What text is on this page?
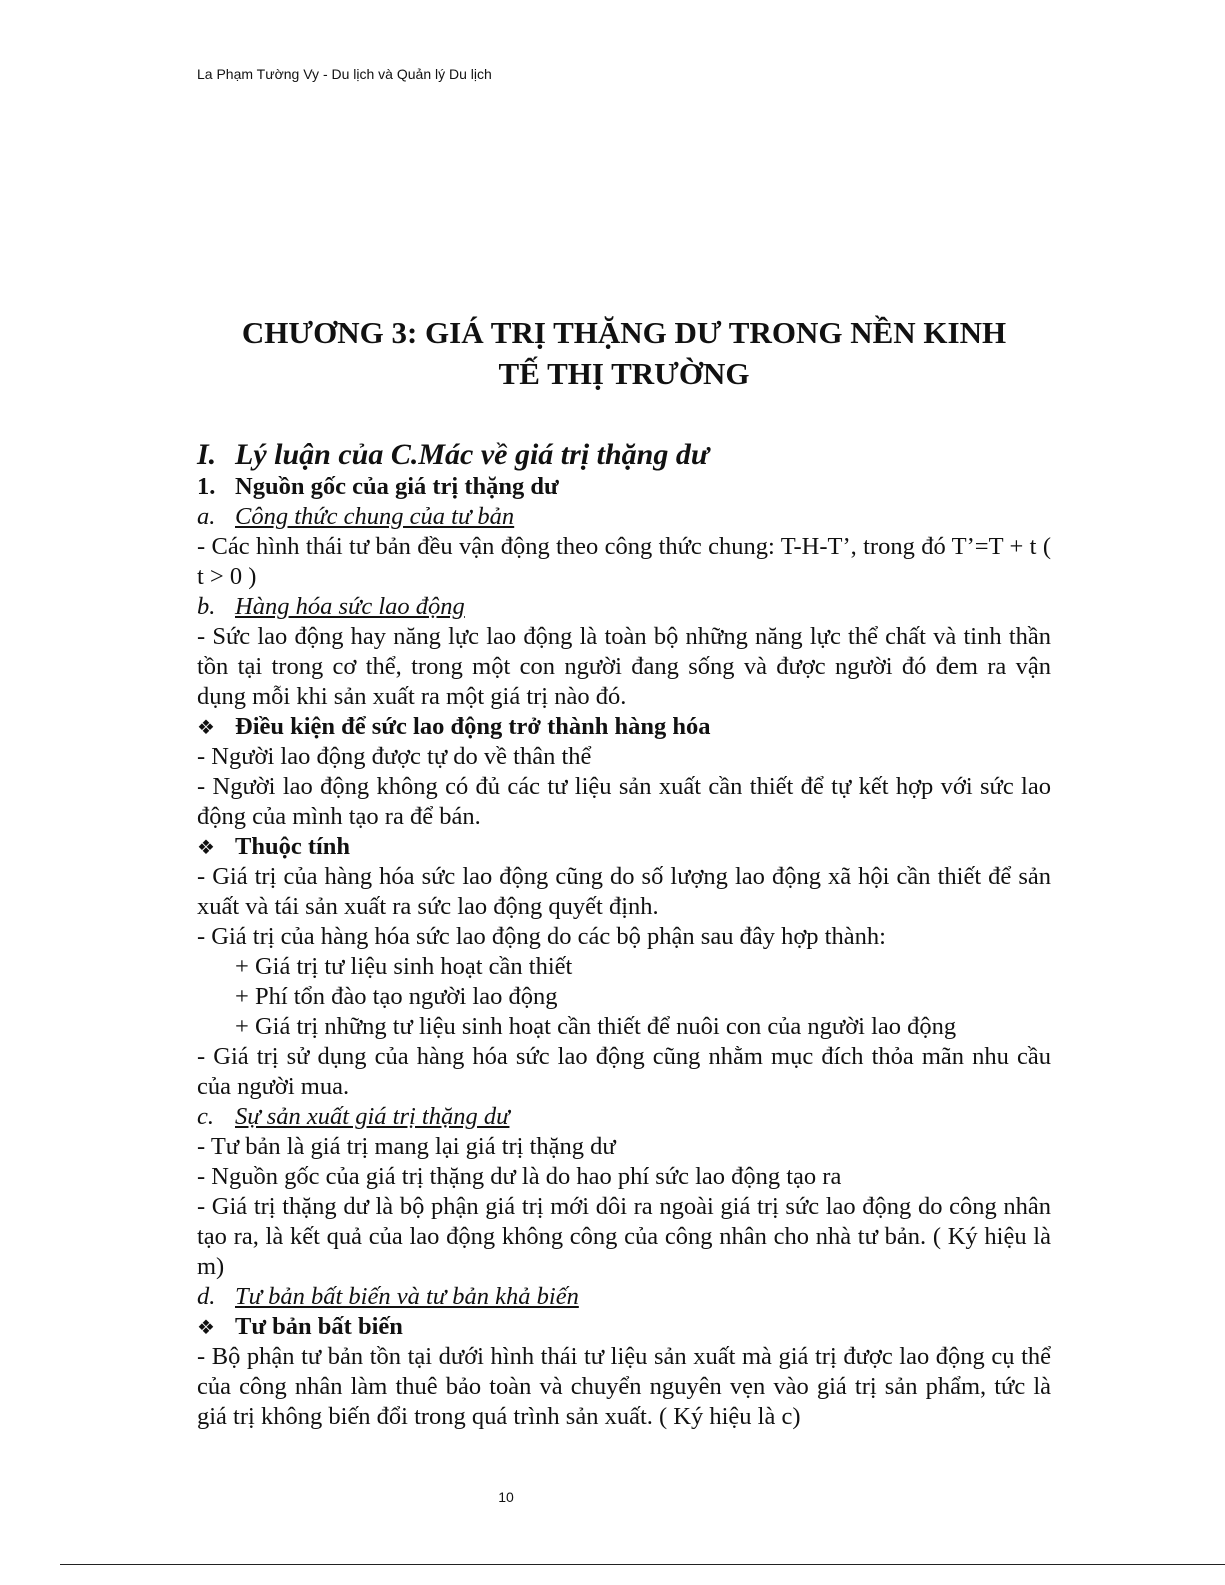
La Phạm Tường Vy - Du lịch và Quản lý Du lịch
CHƯƠNG 3: GIÁ TRỊ THẶNG DƯ TRONG NỀN KINH
TẾ THỊ TRƯỜNG
I. Lý luận của C.Mác về giá trị thặng dư
1. Nguồn gốc của giá trị thặng dư
a. Công thức chung của tư bản
- Các hình thái tư bản đều vận động theo công thức chung: T-H-T’, trong đó T’=T + t ( t > 0 )
b. Hàng hóa sức lao động
- Sức lao động hay năng lực lao động là toàn bộ những năng lực thể chất và tinh thần tồn tại trong cơ thể, trong một con người đang sống và được người đó đem ra vận dụng mỗi khi sản xuất ra một giá trị nào đó.
❖ Điều kiện để sức lao động trở thành hàng hóa
- Người lao động được tự do về thân thể
- Người lao động không có đủ các tư liệu sản xuất cần thiết để tự kết hợp với sức lao động của mình tạo ra để bán.
❖ Thuộc tính
- Giá trị của hàng hóa sức lao động cũng do số lượng lao động xã hội cần thiết để sản xuất và tái sản xuất ra sức lao động quyết định.
- Giá trị của hàng hóa sức lao động do các bộ phận sau đây hợp thành:
+ Giá trị tư liệu sinh hoạt cần thiết
+ Phí tổn đào tạo người lao động
+ Giá trị những tư liệu sinh hoạt cần thiết để nuôi con của người lao động
- Giá trị sử dụng của hàng hóa sức lao động cũng nhằm mục đích thỏa mãn nhu cầu của người mua.
c. Sự sản xuất giá trị thặng dư
- Tư bản là giá trị mang lại giá trị thặng dư
- Nguồn gốc của giá trị thặng dư là do hao phí sức lao động tạo ra
- Giá trị thặng dư là bộ phận giá trị mới dôi ra ngoài giá trị sức lao động do công nhân tạo ra, là kết quả của lao động không công của công nhân cho nhà tư bản. ( Ký hiệu là m)
d. Tư bản bất biến và tư bản khả biến
❖ Tư bản bất biến
- Bộ phận tư bản tồn tại dưới hình thái tư liệu sản xuất mà giá trị được lao động cụ thể của công nhân làm thuê bảo toàn và chuyển nguyên vẹn vào giá trị sản phẩm, tức là giá trị không biến đổi trong quá trình sản xuất. ( Ký hiệu là c)
10
